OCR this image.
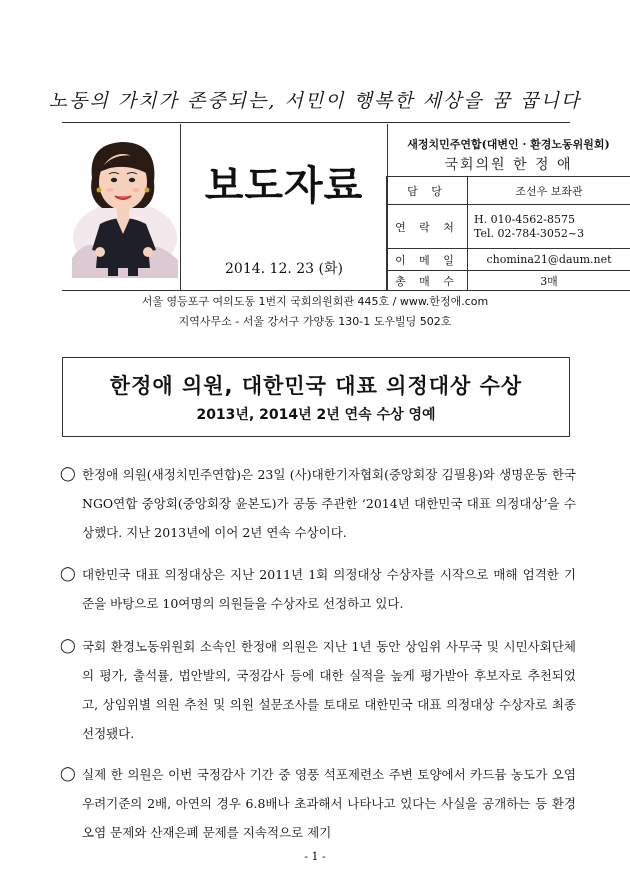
노동의 가치가 존중되는, 서민이 행복한 세상을 꿈 꿉니다
보도자료
2014. 12. 23 (화)
새정치민주연합(대변인 · 환경노동위원회)
국회의원 한 정 애
담 당	조선우 보좌관
연 락 처	H. 010-4562-8575
Tel. 02-784-3052~3

이 메 일	chomina21@daum.net
총 매 수	3매
서울 영등포구 여의도동 1번지 국회의원회관 445호 / www.한정애.com
지역사무소 - 서울 강서구 가양동 130-1 도우빌딩 502호
한정애 의원, 대한민국 대표 의정대상 수상
2013년, 2014년 2년 연속 수상 영예
◯ 한정애 의원(새정치민주연합)은 23일 (사)대한기자협회(중앙회장 김필용)와 생명운동 한국NGO연합 중앙회(중앙회장 윤본도)가 공동 주관한 ‘2014년 대한민국 대표 의정대상’을 수상했다. 지난 2013년에 이어 2년 연속 수상이다.
◯ 대한민국 대표 의정대상은 지난 2011년 1회 의정대상 수상자를 시작으로 매해 엄격한 기준을 바탕으로 10여명의 의원들을 수상자로 선정하고 있다.
◯ 국회 환경노동위원회 소속인 한정애 의원은 지난 1년 동안 상임위 사무국 및 시민사회단체의 평가, 출석률, 법안발의, 국정감사 등에 대한 실적을 높게 평가받아 후보자로 추천되었고, 상임위별 의원 추천 및 의원 설문조사를 토대로 대한민국 대표 의정대상 수상자로 최종 선정됐다.
◯ 실제 한 의원은 이번 국정감사 기간 중 영풍 석포제련소 주변 토양에서 카드뮴 농도가 오염 우려기준의 2배, 아연의 경우 6.8배나 초과해서 나타나고 있다는 사실을 공개하는 등 환경오염 문제와 산재은폐 문제를 지속적으로 제기
- 1 -
